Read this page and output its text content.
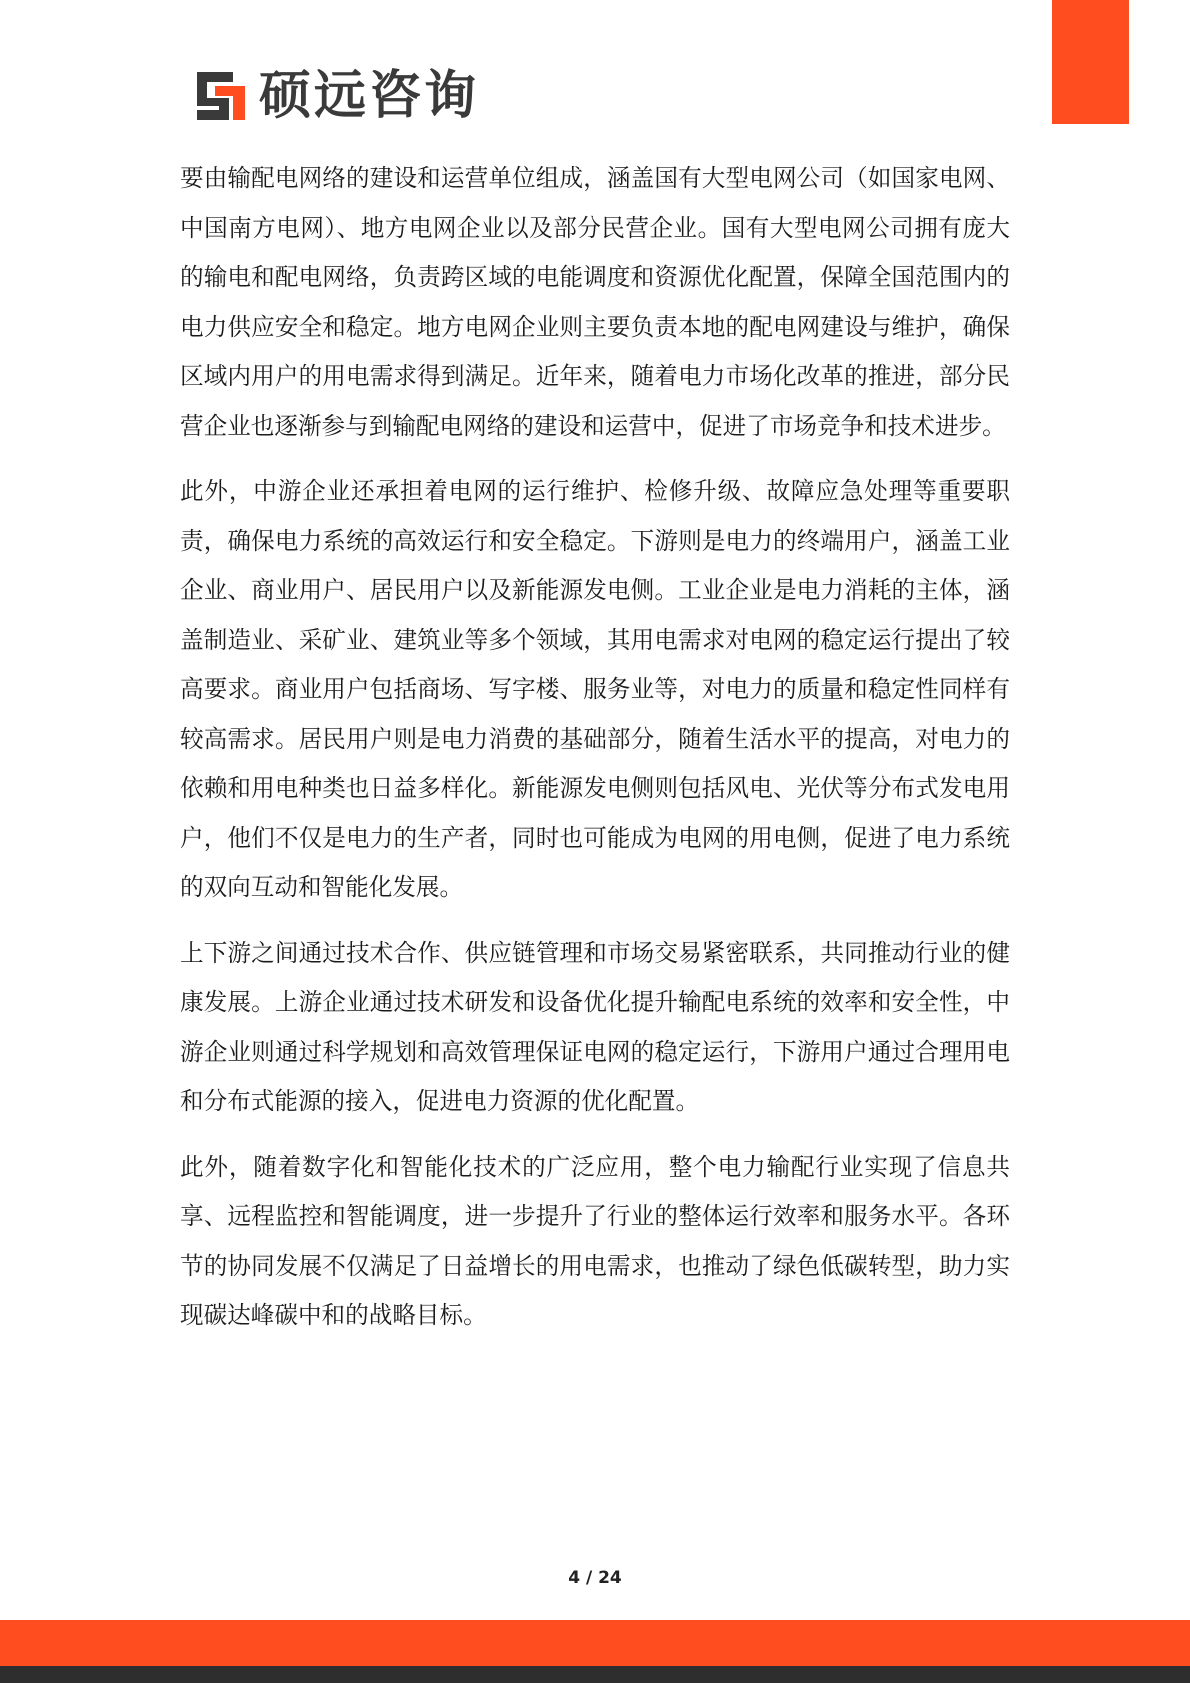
硕远咨询

要由输配电网络的建设和运营单位组成，涵盖国有大型电网公司（如国家电网、中国南方电网）、地方电网企业以及部分民营企业。国有大型电网公司拥有庞大的输电和配电网络，负责跨区域的电能调度和资源优化配置，保障全国范围内的电力供应安全和稳定。地方电网企业则主要负责本地的配电网建设与维护，确保区域内用户的用电需求得到满足。近年来，随着电力市场化改革的推进，部分民营企业也逐渐参与到输配电网络的建设和运营中，促进了市场竞争和技术进步。

此外，中游企业还承担着电网的运行维护、检修升级、故障应急处理等重要职责，确保电力系统的高效运行和安全稳定。下游则是电力的终端用户，涵盖工业企业、商业用户、居民用户以及新能源发电侧。工业企业是电力消耗的主体，涵盖制造业、采矿业、建筑业等多个领域，其用电需求对电网的稳定运行提出了较高要求。商业用户包括商场、写字楼、服务业等，对电力的质量和稳定性同样有较高需求。居民用户则是电力消费的基础部分，随着生活水平的提高，对电力的依赖和用电种类也日益多样化。新能源发电侧则包括风电、光伏等分布式发电用户，他们不仅是电力的生产者，同时也可能成为电网的用电侧，促进了电力系统的双向互动和智能化发展。

上下游之间通过技术合作、供应链管理和市场交易紧密联系，共同推动行业的健康发展。上游企业通过技术研发和设备优化提升输配电系统的效率和安全性，中游企业则通过科学规划和高效管理保证电网的稳定运行，下游用户通过合理用电和分布式能源的接入，促进电力资源的优化配置。

此外，随着数字化和智能化技术的广泛应用，整个电力输配行业实现了信息共享、远程监控和智能调度，进一步提升了行业的整体运行效率和服务水平。各环节的协同发展不仅满足了日益增长的用电需求，也推动了绿色低碳转型，助力实现碳达峰碳中和的战略目标。

4 / 24
